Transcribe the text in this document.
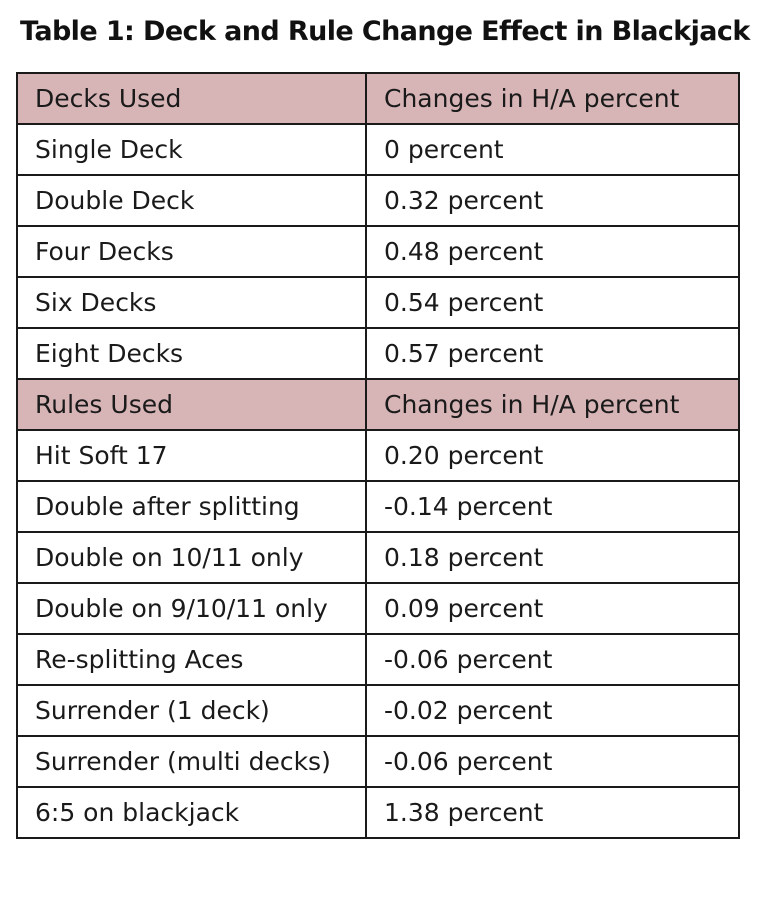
Table 1: Deck and Rule Change Effect in Blackjack
Decks Used	Changes in H/A percent
Single Deck	0 percent
Double Deck	0.32 percent
Four Decks	0.48 percent
Six Decks	0.54 percent
Eight Decks	0.57 percent
Rules Used	Changes in H/A percent
Hit Soft 17	0.20 percent
Double after splitting	-0.14 percent
Double on 10/11 only	0.18 percent
Double on 9/10/11 only	0.09 percent
Re-splitting Aces	-0.06 percent
Surrender (1 deck)	-0.02 percent
Surrender (multi decks)	-0.06 percent
6:5 on blackjack	1.38 percent
